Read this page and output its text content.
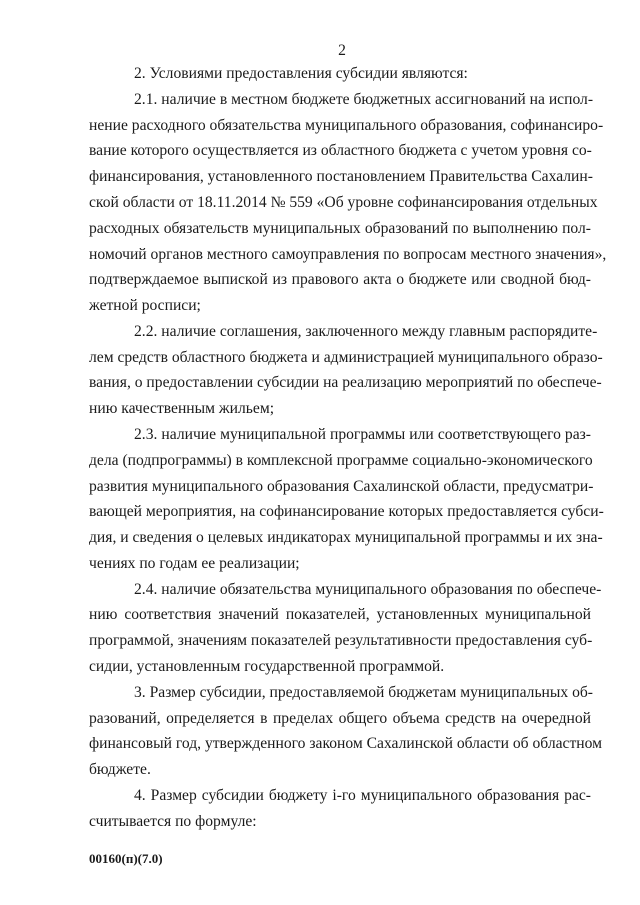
2
2. Условиями предоставления субсидии являются:
2.1. наличие в местном бюджете бюджетных ассигнований на испол-
нение расходного обязательства муниципального образования, софинансиро-
вание которого осуществляется из областного бюджета с учетом уровня со-
финансирования, установленного постановлением Правительства Сахалин-
ской области от 18.11.2014 № 559 «Об уровне софинансирования отдельных
расходных обязательств муниципальных образований по выполнению пол-
номочий органов местного самоуправления по вопросам местного значения»,
подтверждаемое выпиской из правового акта о бюджете или сводной бюд-
жетной росписи;
2.2. наличие соглашения, заключенного между главным распорядите-
лем средств областного бюджета и администрацией муниципального образо-
вания, о предоставлении субсидии на реализацию мероприятий по обеспече-
нию качественным жильем;
2.3. наличие муниципальной программы или соответствующего раз-
дела (подпрограммы) в комплексной программе социально-экономического
развития муниципального образования Сахалинской области, предусматри-
вающей мероприятия, на софинансирование которых предоставляется субси-
дия, и сведения о целевых индикаторах муниципальной программы и их зна-
чениях по годам ее реализации;
2.4. наличие обязательства муниципального образования по обеспече-
нию соответствия значений показателей, установленных муниципальной
программой, значениям показателей результативности предоставления суб-
сидии, установленным государственной программой.
3. Размер субсидии, предоставляемой бюджетам муниципальных об-
разований, определяется в пределах общего объема средств на очередной
финансовый год, утвержденного законом Сахалинской области об областном
бюджете.
4. Размер субсидии бюджету i-го муниципального образования рас-
считывается по формуле:
00160(п)(7.0)
